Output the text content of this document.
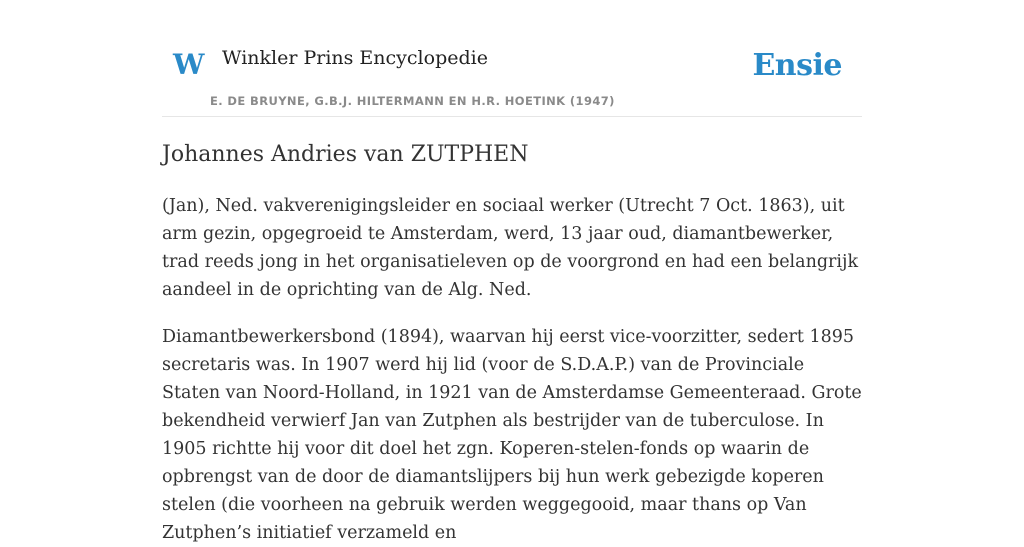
W Winkler Prins Encyclopedie
E. DE BRUYNE, G.B.J. HILTERMANN EN H.R. HOETINK (1947)
Ensie
Johannes Andries van ZUTPHEN

(Jan), Ned. vakverenigingsleider en sociaal werker (Utrecht 7 Oct. 1863), uit arm gezin, opgegroeid te Amsterdam, werd, 13 jaar oud, diamantbewerker, trad reeds jong in het organisatieleven op de voorgrond en had een belangrijk aandeel in de oprichting van de Alg. Ned.

Diamantbewerkersbond (1894), waarvan hij eerst vice-voorzitter, sedert 1895 secretaris was. In 1907 werd hij lid (voor de S.D.A.P.) van de Provinciale Staten van Noord-Holland, in 1921 van de Amsterdamse Gemeenteraad. Grote bekendheid verwierf Jan van Zutphen als bestrijder van de tuberculose. In 1905 richtte hij voor dit doel het zgn. Koperen-stelen-fonds op waarin de opbrengst van de door de diamantslijpers bij hun werk gebezigde koperen stelen (die voorheen na gebruik werden weggegooid, maar thans op Van Zutphen’s initiatief verzameld en
